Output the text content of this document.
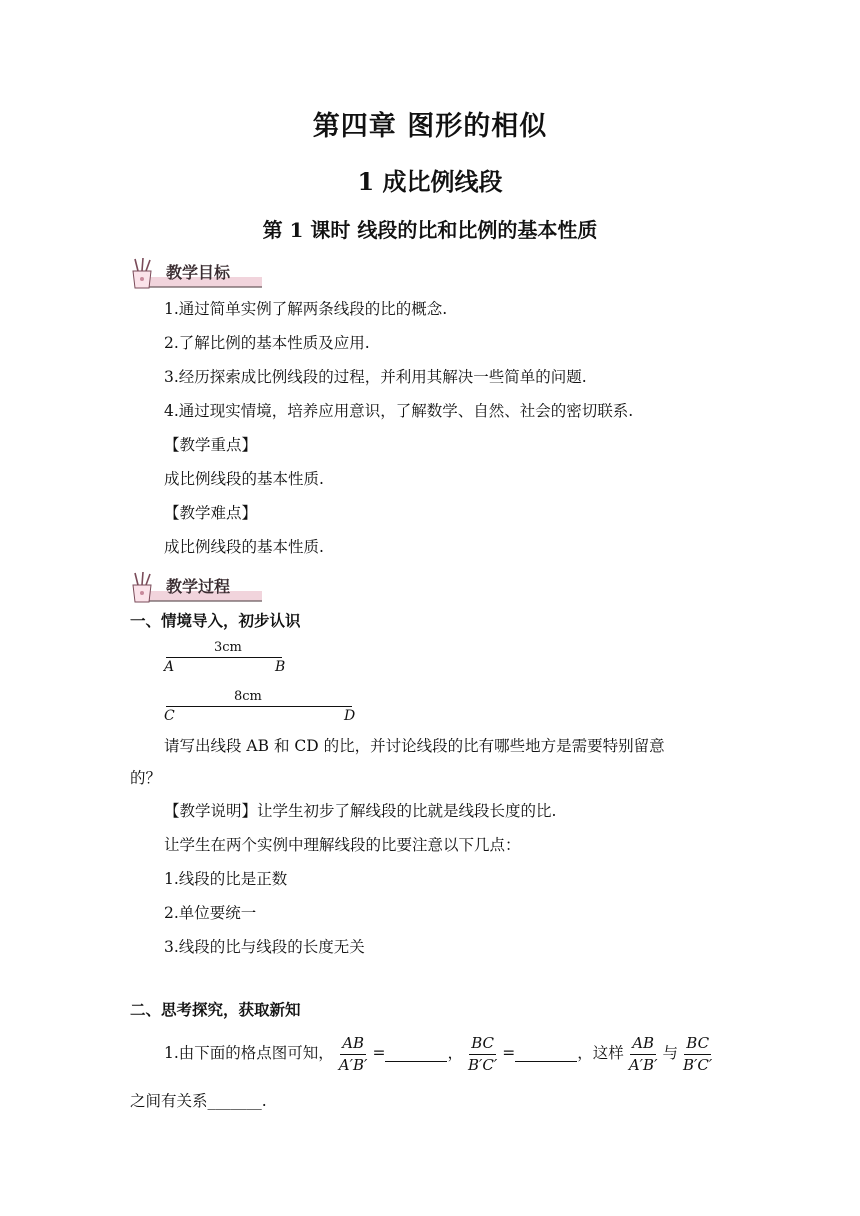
第四章 图形的相似
1 成比例线段
第 1 课时 线段的比和比例的基本性质
教学目标
1.通过简单实例了解两条线段的比的概念.
2.了解比例的基本性质及应用.
3.经历探索成比例线段的过程，并利用其解决一些简单的问题.
4.通过现实情境，培养应用意识，了解数学、自然、社会的密切联系.
【教学重点】
成比例线段的基本性质.
【教学难点】
成比例线段的基本性质.
教学过程
一、情境导入，初步认识
3cm
A	B
8cm
C	D
请写出线段 AB 和 CD 的比，并讨论线段的比有哪些地方是需要特别留意
的？
【教学说明】让学生初步了解线段的比就是线段长度的比.
让学生在两个实例中理解线段的比要注意以下几点：
1.线段的比是正数
2.单位要统一
3.线段的比与线段的长度无关
二、思考探究，获取新知
1.由下面的格点图可知， $\frac{AB}{A'B'}$ =	， $\frac{BC}{B'C'}$ =	，这样 $\frac{AB}{A'B'}$ 与 $\frac{BC}{B'C'}$
之间有关系_______.
